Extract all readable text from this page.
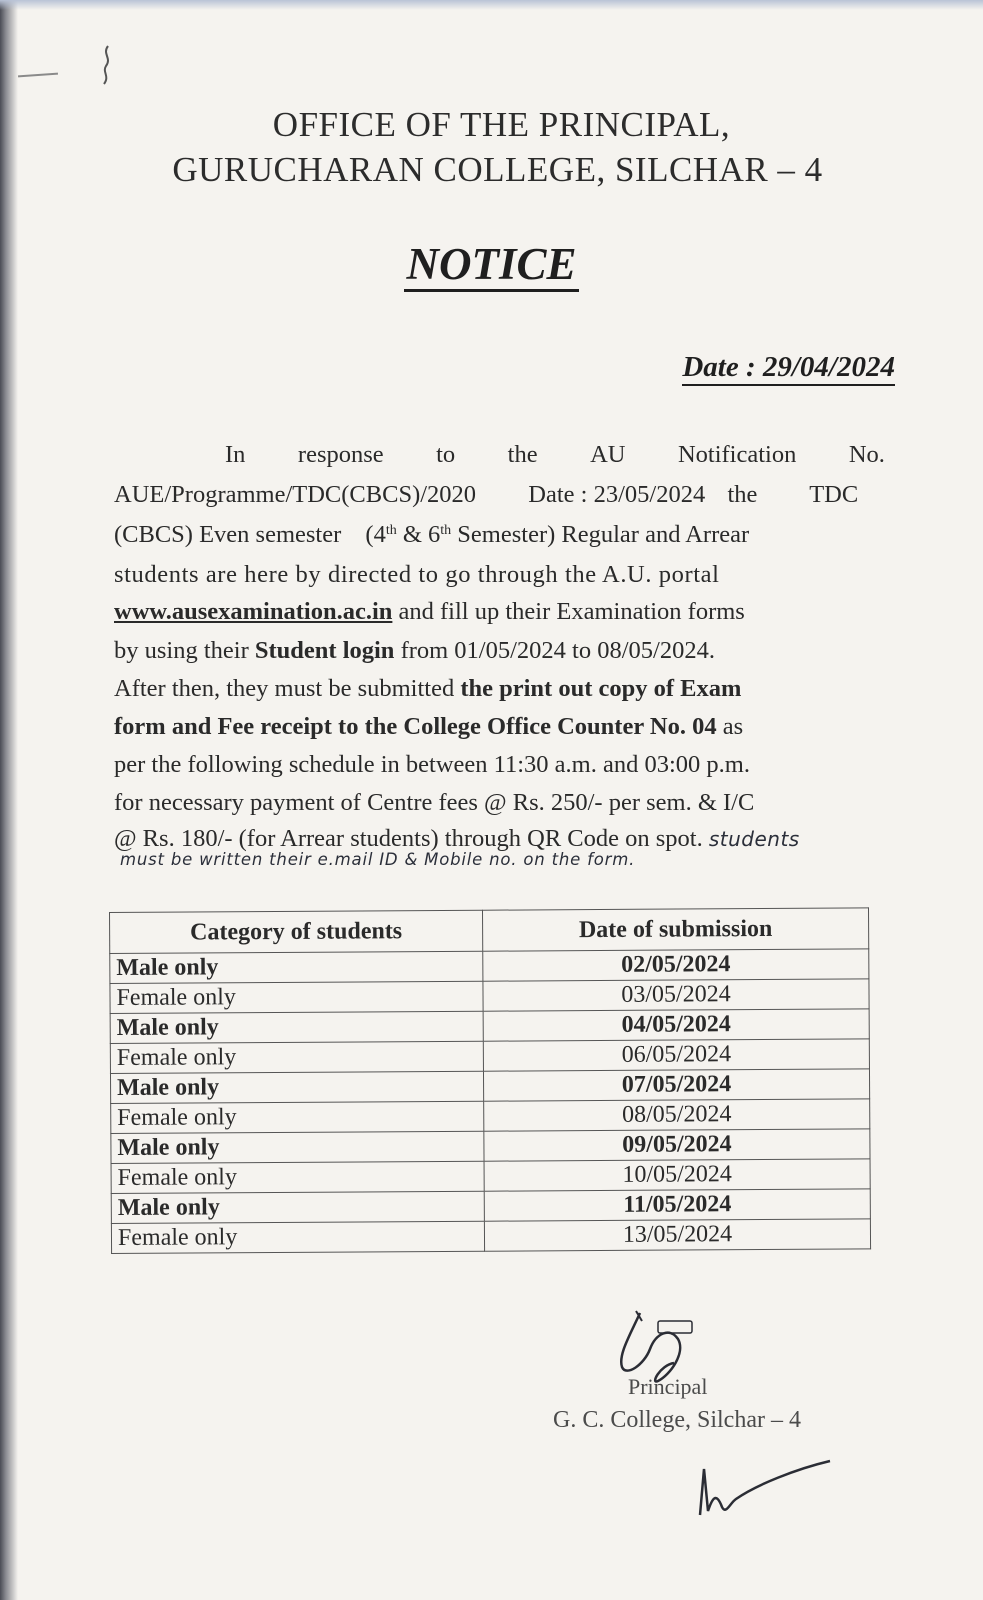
OFFICE OF THE PRINCIPAL,
GURUCHARAN COLLEGE, SILCHAR – 4
NOTICE
Date : 29/04/2024
In response to the AU Notification No.
AUE/Programme/TDC(CBCS)/2020 Date : 23/05/2024 the TDC
(CBCS) Even semester (4th & 6th Semester) Regular and Arrear
students are here by directed to go through the A.U. portal
www.ausexamination.ac.in and fill up their Examination forms
by using their Student login from 01/05/2024 to 08/05/2024.
After then, they must be submitted the print out copy of Exam
form and Fee receipt to the College Office Counter No. 04 as
per the following schedule in between 11:30 a.m. and 03:00 p.m.
for necessary payment of Centre fees @ Rs. 250/- per sem. & I/C
@ Rs. 180/- (for Arrear students) through QR Code on spot. students
must be written their e.mail ID & Mobile no. on the form.
Category of students	Date of submission
Male only	02/05/2024
Female only	03/05/2024
Male only	04/05/2024
Female only	06/05/2024
Male only	07/05/2024
Female only	08/05/2024
Male only	09/05/2024
Female only	10/05/2024
Male only	11/05/2024
Female only	13/05/2024
Principal
G. C. College, Silchar – 4
